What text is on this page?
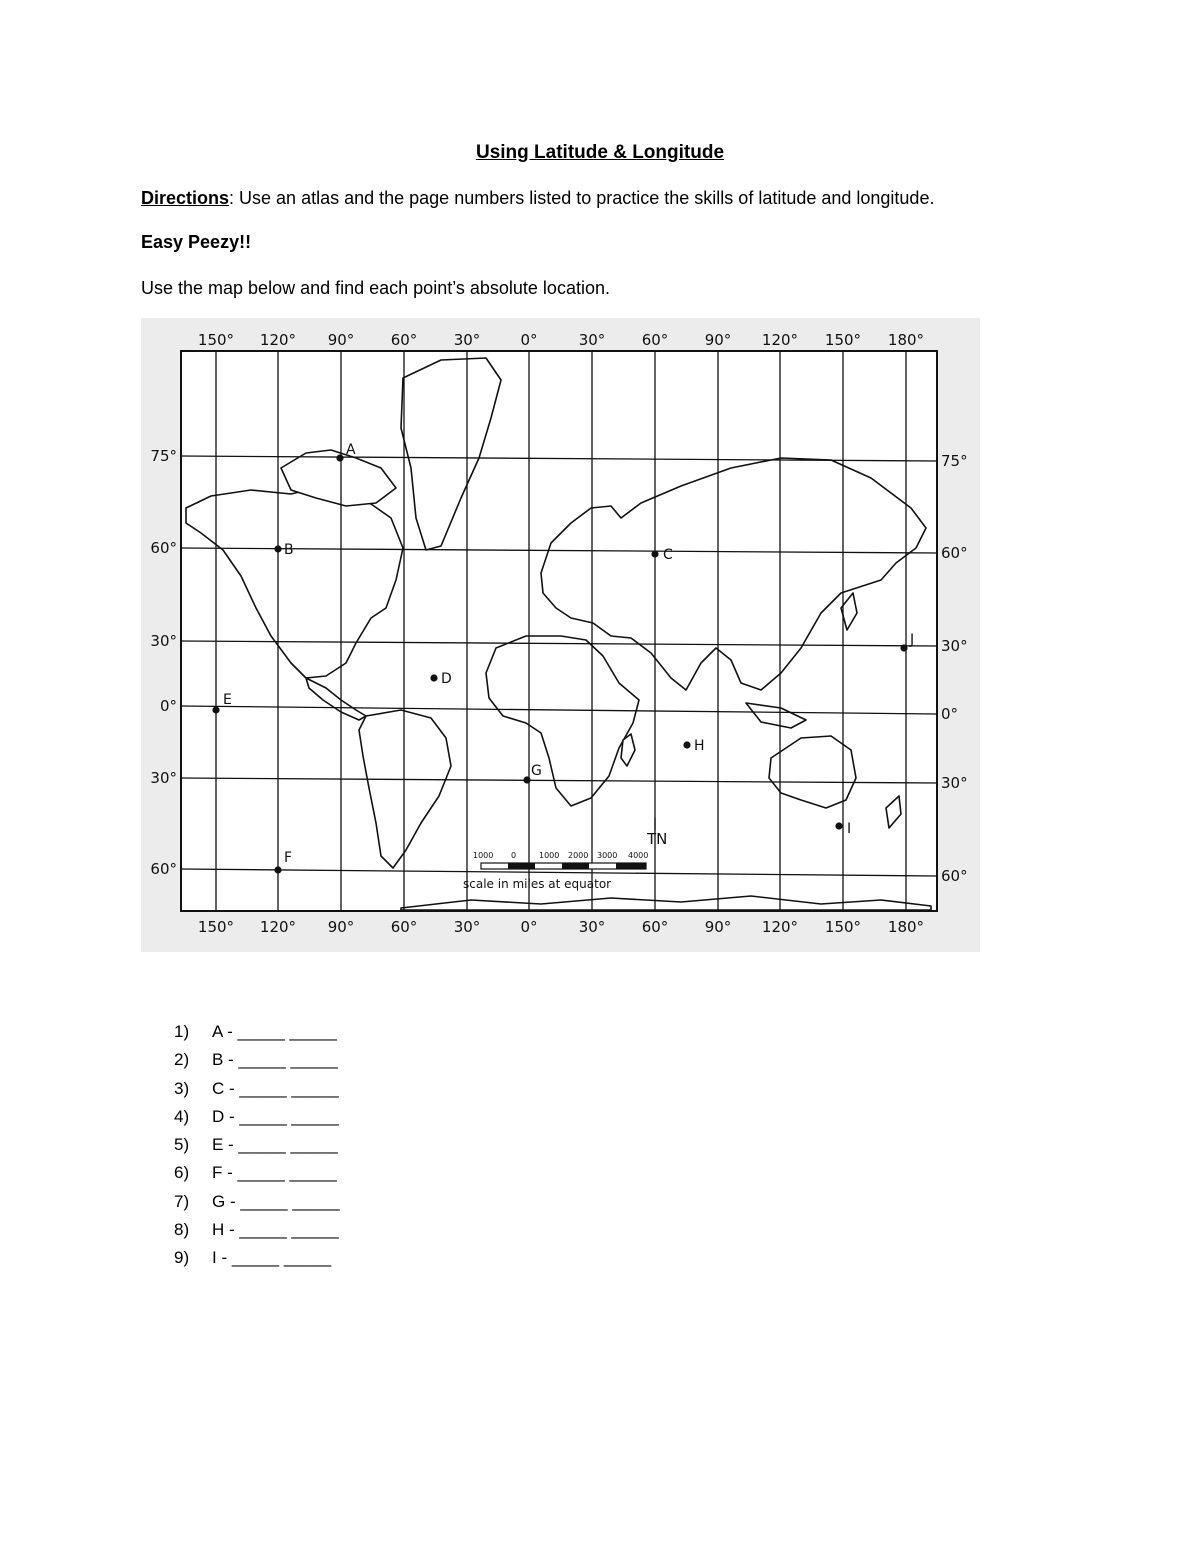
Using Latitude & Longitude
Directions: Use an atlas and the page numbers listed to practice the skills of latitude and longitude.
Easy Peezy!!
Use the map below and find each point’s absolute location.
150°
150°
120°
120°
90°
90°
60°
60°
30°
30°
0°
0°
30°
30°
60°
60°
90°
90°
120°
120°
150°
150°
180°
180°
75°
60°
30°
0°
30°
60°
75°
60°
30°
0°
30°
60°
A
B	C
D
E
F
G
H
I
J
TN
1000 0	1000 2000 3000 4000
scale in miles at equator
1) A - _____ _____
2) B - _____ _____
3) C - _____ _____
4) D - _____ _____
5) E - _____ _____
6) F - _____ _____
7) G - _____ _____
8) H - _____ _____
9) I - _____ _____
